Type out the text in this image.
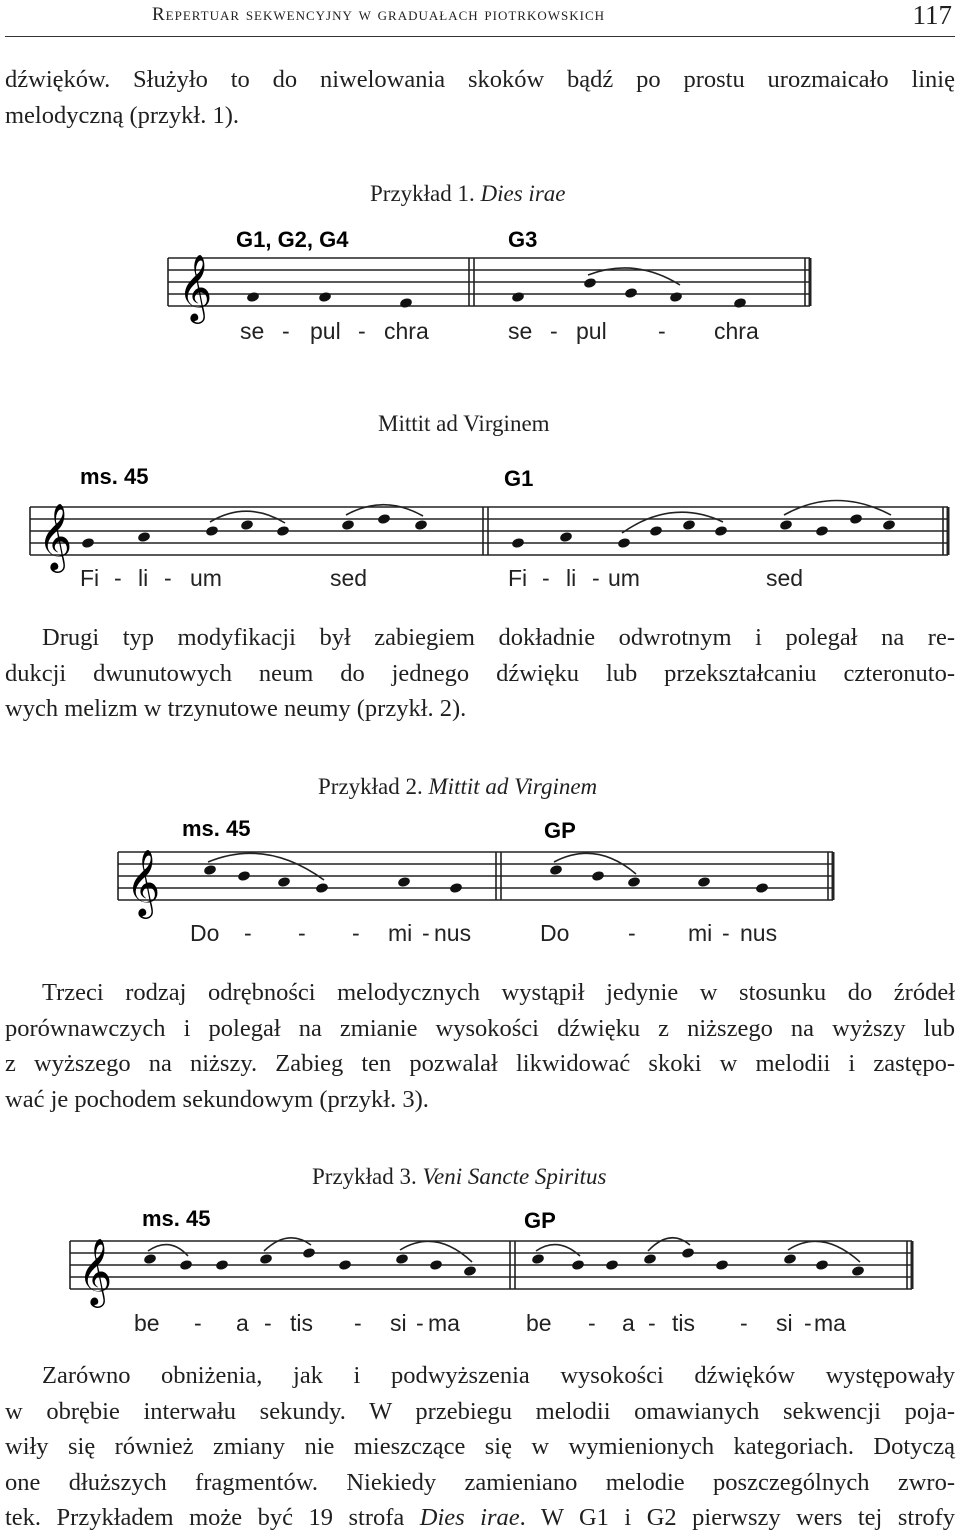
Repertuar sekwencyjny w graduałach piotrkowskich	117
dźwięków. Służyło to do niwelowania skoków bądź po prostu urozmaicało linię
melodyczną (przykł. 1).
Przykład 1. Dies irae
𝄞
G1, G2, G4	G3
se - pul - chra	se - pul - chra
Mittit ad Virginem
𝄞
ms. 45	G1
Fi - li - um	sed	Fi - li - um	sed
Drugi typ modyfikacji był zabiegiem dokładnie odwrotnym i polegał na re-
dukcji dwunutowych neum do jednego dźwięku lub przekształcaniu czteronuto-
wych melizm w trzynutowe neumy (przykł. 2).
Przykład 2. Mittit ad Virginem
𝄞
ms. 45	GP
Do - - - mi - nus	Do	- mi - nus
Trzeci rodzaj odrębności melodycznych wystąpił jedynie w stosunku do źródeł
porównawczych i polegał na zmianie wysokości dźwięku z niższego na wyższy lub
z wyższego na niższy. Zabieg ten pozwalał likwidować skoki w melodii i zastępo-
wać je pochodem sekundowym (przykł. 3).
Przykład 3. Veni Sancte Spiritus
𝄞
ms. 45	GP
be - a - tis - si - ma	be - a - tis - si - ma
Zarówno obniżenia, jak i podwyższenia wysokości dźwięków występowały
w obrębie interwału sekundy. W przebiegu melodii omawianych sekwencji poja-
wiły się również zmiany nie mieszczące się w wymienionych kategoriach. Dotyczą
one dłuższych fragmentów. Niekiedy zamieniano melodie poszczególnych zwro-
tek. Przykładem może być 19 strofa Dies irae. W G1 i G2 pierwszy wers tej strofy
